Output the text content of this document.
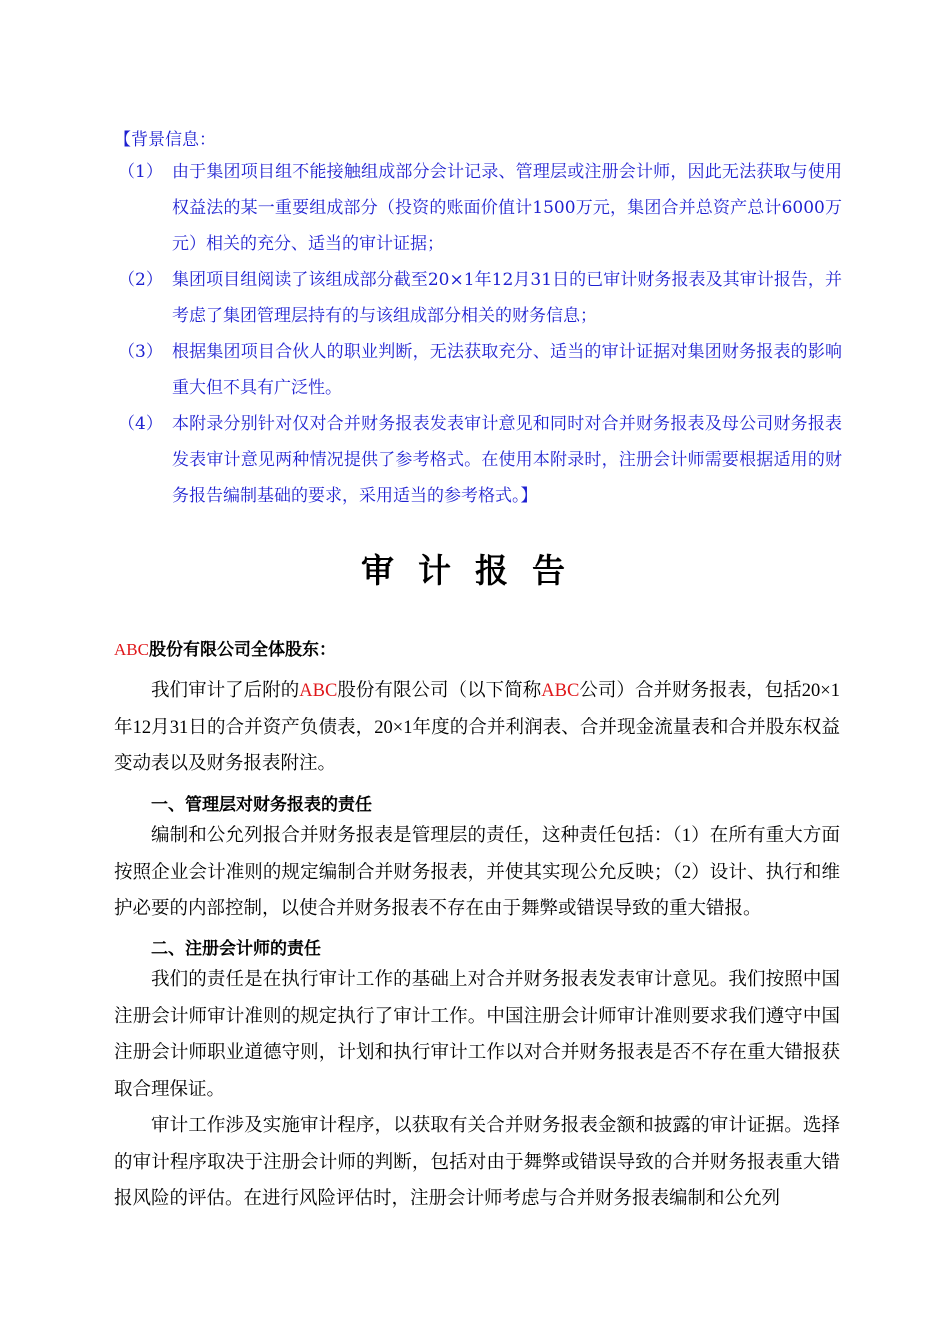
【背景信息：
（1） 由于集团项目组不能接触组成部分会计记录、管理层或注册会计师，因此无法获取与使用权益法的某一重要组成部分（投资的账面价值计1500万元，集团合并总资产总计6000万元）相关的充分、适当的审计证据；
（2） 集团项目组阅读了该组成部分截至20×1年12月31日的已审计财务报表及其审计报告，并考虑了集团管理层持有的与该组成部分相关的财务信息；
（3） 根据集团项目合伙人的职业判断，无法获取充分、适当的审计证据对集团财务报表的影响重大但不具有广泛性。
（4） 本附录分别针对仅对合并财务报表发表审计意见和同时对合并财务报表及母公司财务报表发表审计意见两种情况提供了参考格式。在使用本附录时，注册会计师需要根据适用的财务报告编制基础的要求，采用适当的参考格式。】
审计报告
ABC股份有限公司全体股东：
我们审计了后附的ABC股份有限公司（以下简称ABC公司）合并财务报表，包括20×1年12月31日的合并资产负债表，20×1年度的合并利润表、合并现金流量表和合并股东权益变动表以及财务报表附注。
一、管理层对财务报表的责任
编制和公允列报合并财务报表是管理层的责任，这种责任包括：（1）在所有重大方面按照企业会计准则的规定编制合并财务报表，并使其实现公允反映；（2）设计、执行和维护必要的内部控制，以使合并财务报表不存在由于舞弊或错误导致的重大错报。
二、注册会计师的责任
我们的责任是在执行审计工作的基础上对合并财务报表发表审计意见。我们按照中国注册会计师审计准则的规定执行了审计工作。中国注册会计师审计准则要求我们遵守中国注册会计师职业道德守则，计划和执行审计工作以对合并财务报表是否不存在重大错报获取合理保证。
审计工作涉及实施审计程序，以获取有关合并财务报表金额和披露的审计证据。选择的审计程序取决于注册会计师的判断，包括对由于舞弊或错误导致的合并财务报表重大错报风险的评估。在进行风险评估时，注册会计师考虑与合并财务报表编制和公允列
